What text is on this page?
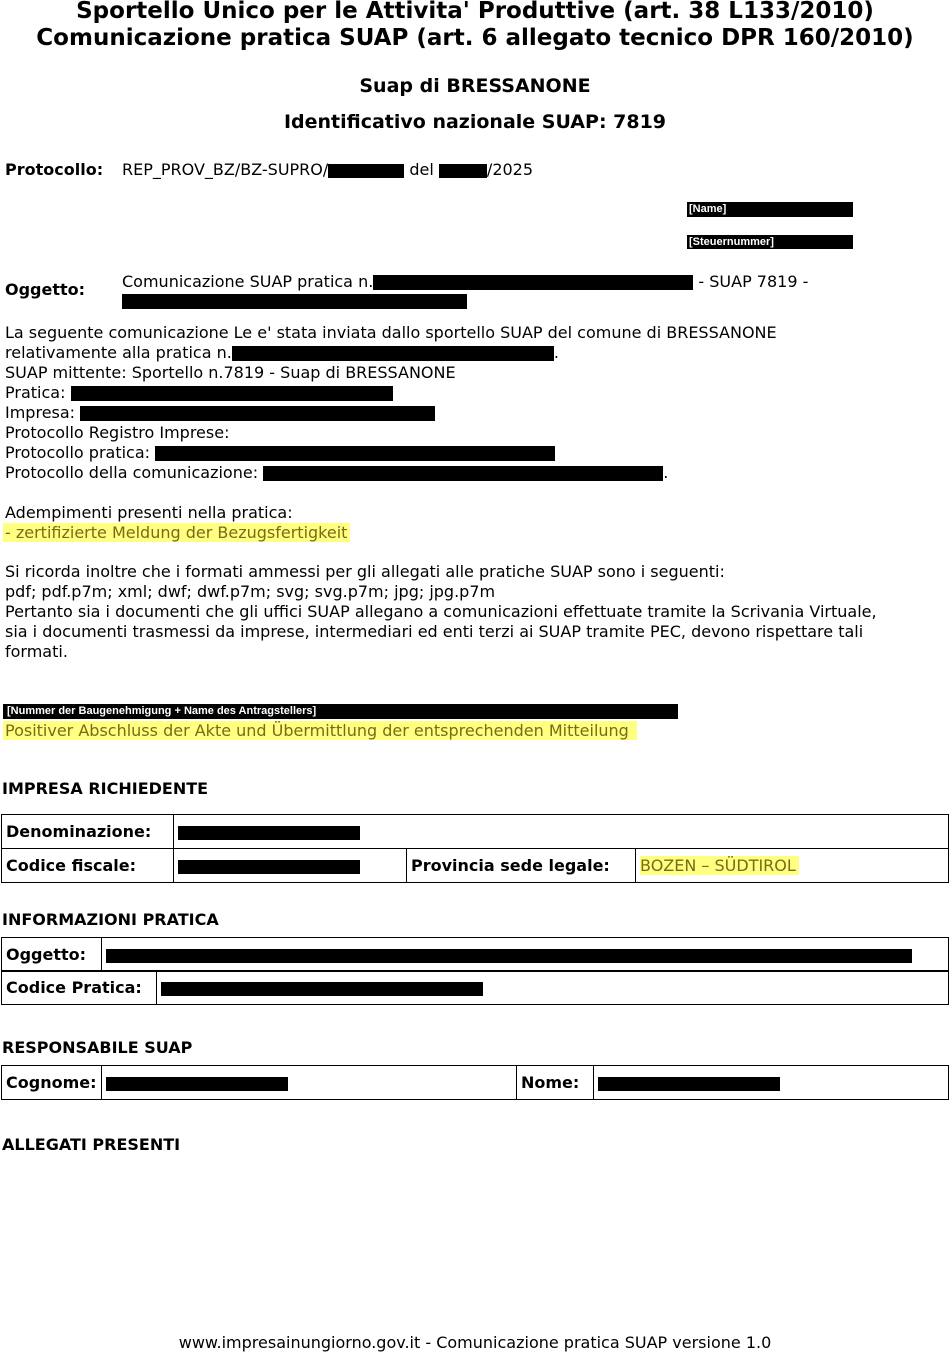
Sportello Unico per le Attivita' Produttive (art. 38 L133/2010)
Comunicazione pratica SUAP (art. 6 allegato tecnico DPR 160/2010)
Suap di BRESSANONE
Identificativo nazionale SUAP: 7819
Protocollo: REP_PROV_BZ/BZ-SUPRO/	del	/2025
[Name]
[Steuernummer]
Oggetto: Comunicazione SUAP pratica n.	- SUAP 7819 -
La seguente comunicazione Le e' stata inviata dallo sportello SUAP del comune di BRESSANONE
relativamente alla pratica n.	.
SUAP mittente: Sportello n.7819 - Suap di BRESSANONE
Pratica:
Impresa:
Protocollo Registro Imprese:
Protocollo pratica:
Protocollo della comunicazione:	.
Adempimenti presenti nella pratica:
- zertifizierte Meldung der Bezugsfertigkeit
Si ricorda inoltre che i formati ammessi per gli allegati alle pratiche SUAP sono i seguenti:
pdf; pdf.p7m; xml; dwf; dwf.p7m; svg; svg.p7m; jpg; jpg.p7m
Pertanto sia i documenti che gli uffici SUAP allegano a comunicazioni effettuate tramite la Scrivania Virtuale,
sia i documenti trasmessi da imprese, intermediari ed enti terzi ai SUAP tramite PEC, devono rispettare tali
formati.
[Nummer der Baugenehmigung + Name des Antragstellers]
Positiver Abschluss der Akte und Übermittlung der entsprechenden Mitteilung
IMPRESA RICHIEDENTE
Denominazione:			
Codice fiscale:		Provincia sede legale:	BOZEN – SÜDTIROL
INFORMAZIONI PRATICA
Oggetto:	
Codice Pratica:	
RESPONSABILE SUAP
Cognome:		Nome:	
ALLEGATI PRESENTI
www.impresainungiorno.gov.it - Comunicazione pratica SUAP versione 1.0
